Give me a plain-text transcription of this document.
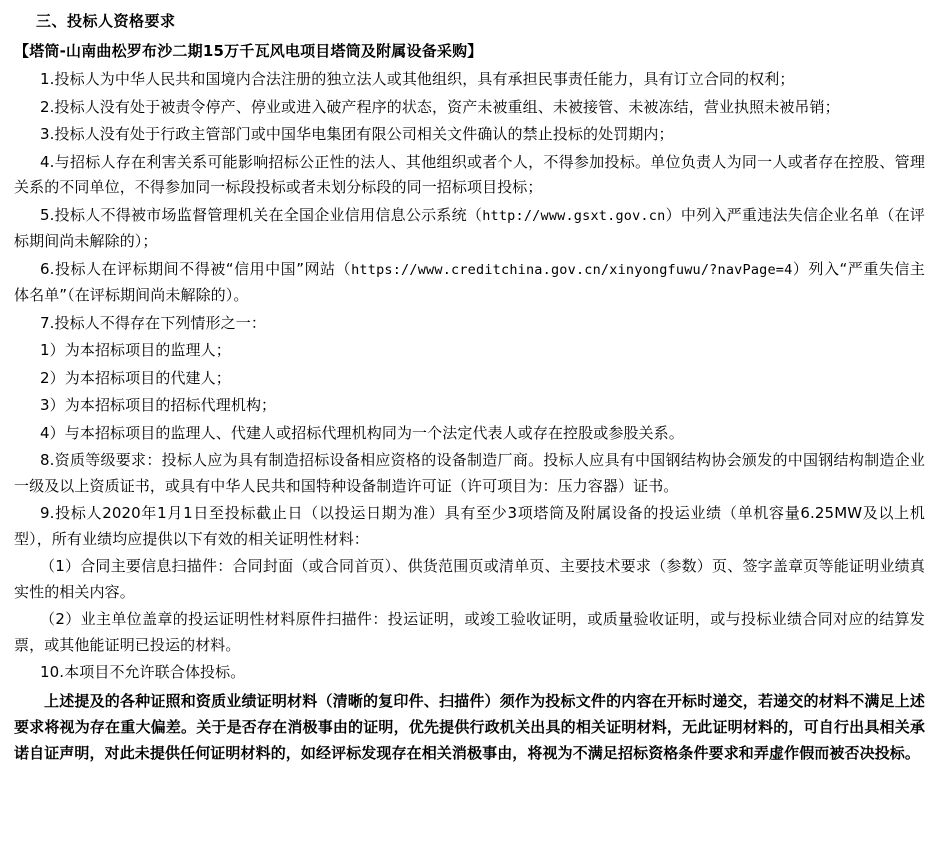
三、投标人资格要求
【塔筒-山南曲松罗布沙二期15万千瓦风电项目塔筒及附属设备采购】

1.投标人为中华人民共和国境内合法注册的独立法人或其他组织，具有承担民事责任能力，具有订立合同的权利；

2.投标人没有处于被责令停产、停业或进入破产程序的状态，资产未被重组、未被接管、未被冻结，营业执照未被吊销；

3.投标人没有处于行政主管部门或中国华电集团有限公司相关文件确认的禁止投标的处罚期内；

4.与招标人存在利害关系可能影响招标公正性的法人、其他组织或者个人，不得参加投标。单位负责人为同一人或者存在控股、管理关系的不同单位，不得参加同一标段投标或者未划分标段的同一招标项目投标；

5.投标人不得被市场监督管理机关在全国企业信用信息公示系统（http://www.gsxt.gov.cn）中列入严重违法失信企业名单（在评标期间尚未解除的）；

6.投标人在评标期间不得被“信用中国”网站（https://www.creditchina.gov.cn/xinyongfuwu/?navPage=4）列入“严重失信主体名单”（在评标期间尚未解除的）。

7.投标人不得存在下列情形之一：

1）为本招标项目的监理人；

2）为本招标项目的代建人；

3）为本招标项目的招标代理机构；

4）与本招标项目的监理人、代建人或招标代理机构同为一个法定代表人或存在控股或参股关系。

8.资质等级要求：投标人应为具有制造招标设备相应资格的设备制造厂商。投标人应具有中国钢结构协会颁发的中国钢结构制造企业一级及以上资质证书，或具有中华人民共和国特种设备制造许可证（许可项目为：压力容器）证书。

9.投标人2020年1月1日至投标截止日（以投运日期为准）具有至少3项塔筒及附属设备的投运业绩（单机容量6.25MW及以上机型），所有业绩均应提供以下有效的相关证明性材料：

（1）合同主要信息扫描件：合同封面（或合同首页）、供货范围页或清单页、主要技术要求（参数）页、签字盖章页等能证明业绩真实性的相关内容。

（2）业主单位盖章的投运证明性材料原件扫描件：投运证明，或竣工验收证明，或质量验收证明，或与投标业绩合同对应的结算发票，或其他能证明已投运的材料。

10.本项目不允许联合体投标。

上述提及的各种证照和资质业绩证明材料（清晰的复印件、扫描件）须作为投标文件的内容在开标时递交，若递交的材料不满足上述要求将视为存在重大偏差。关于是否存在消极事由的证明，优先提供行政机关出具的相关证明材料，无此证明材料的，可自行出具相关承诺自证声明，对此未提供任何证明材料的，如经评标发现存在相关消极事由，将视为不满足招标资格条件要求和弄虚作假而被否决投标。
